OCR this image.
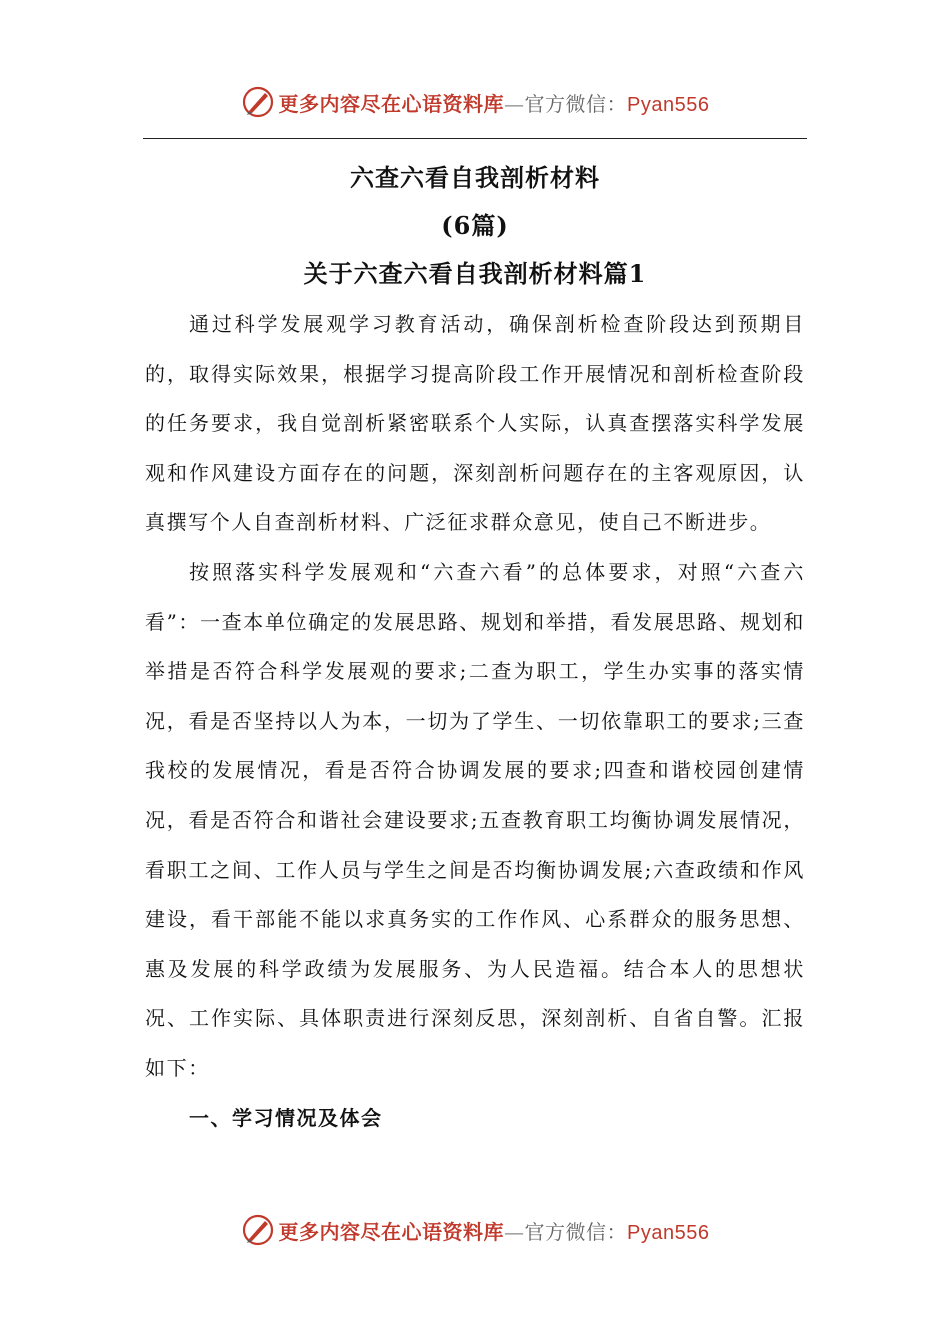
更多内容尽在心语资料库—官方微信：Pyan556
六查六看自我剖析材料
(6篇)
关于六查六看自我剖析材料篇1

通过科学发展观学习教育活动，确保剖析检查阶段达到预期目的，取得实际效果，根据学习提高阶段工作开展情况和剖析检查阶段的任务要求，我自觉剖析紧密联系个人实际，认真查摆落实科学发展观和作风建设方面存在的问题，深刻剖析问题存在的主客观原因，认真撰写个人自查剖析材料、广泛征求群众意见，使自己不断进步。

按照落实科学发展观和“六查六看”的总体要求，对照“六查六看”：一查本单位确定的发展思路、规划和举措，看发展思路、规划和举措是否符合科学发展观的要求;二查为职工，学生办实事的落实情况，看是否坚持以人为本，一切为了学生、一切依靠职工的要求;三查我校的发展情况，看是否符合协调发展的要求;四查和谐校园创建情况，看是否符合和谐社会建设要求;五查教育职工均衡协调发展情况，看职工之间、工作人员与学生之间是否均衡协调发展;六查政绩和作风建设，看干部能不能以求真务实的工作作风、心系群众的服务思想、惠及发展的科学政绩为发展服务、为人民造福。结合本人的思想状况、工作实际、具体职责进行深刻反思，深刻剖析、自省自警。汇报如下：

一、学习情况及体会
更多内容尽在心语资料库—官方微信：Pyan556
